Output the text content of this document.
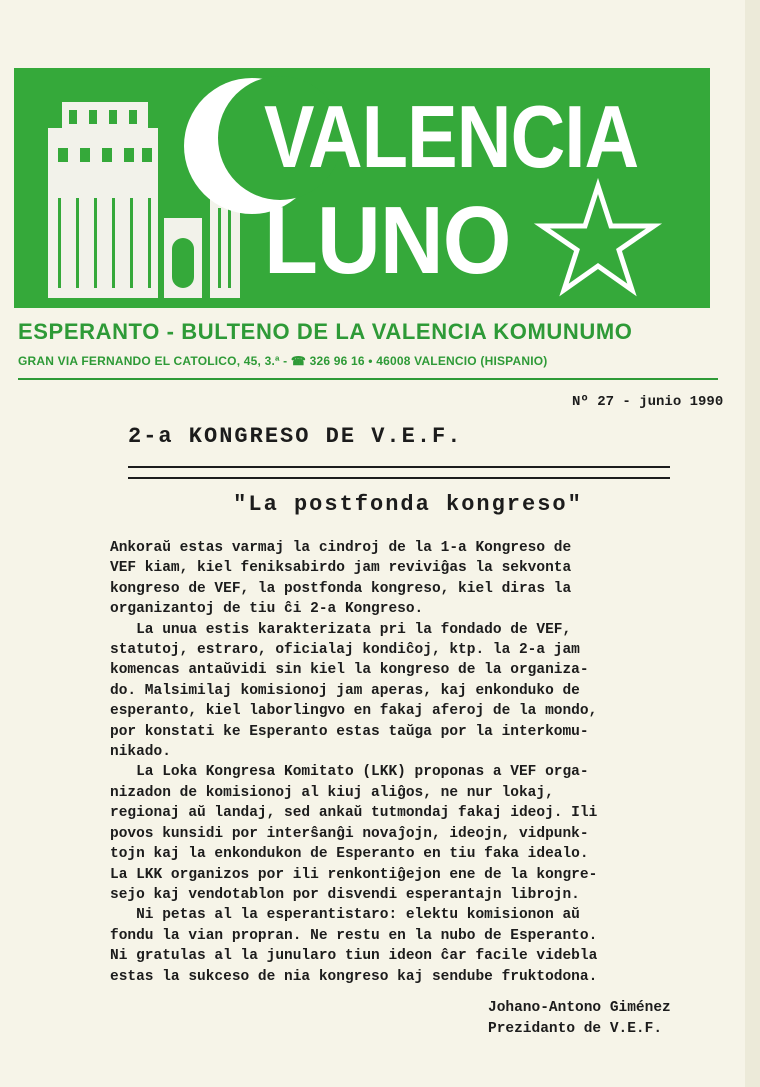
VALENCIA
LUNO
ESPERANTO - BULTENO DE LA VALENCIA KOMUNUMO
GRAN VIA FERNANDO EL CATOLICO, 45, 3.ª - ☎ 326 96 16 • 46008 VALENCIO (HISPANIO)
Nº 27 - junio 1990
2-a KONGRESO DE V.E.F.
"La postfonda kongreso"
Ankoraŭ estas varmaj la cindroj de la 1-a Kongreso de
VEF kiam, kiel feniksabirdo jam reviviĝas la sekvonta
kongreso de VEF, la postfonda kongreso, kiel diras la
organizantoj de tiu ĉi 2-a Kongreso.
La unua estis karakterizata pri la fondado de VEF,
statutoj, estraro, oficialaj kondiĉoj, ktp. la 2-a jam
komencas antaŭvidi sin kiel la kongreso de la organiza-
do. Malsimilaj komisionoj jam aperas, kaj enkonduko de
esperanto, kiel laborlingvo en fakaj aferoj de la mondo,
por konstati ke Esperanto estas taŭga por la interkomu-
nikado.
La Loka Kongresa Komitato (LKK) proponas a VEF orga-
nizadon de komisionoj al kiuj aliĝos, ne nur lokaj,
regionaj aŭ landaj, sed ankaŭ tutmondaj fakaj ideoj. Ili
povos kunsidi por interŝanĝi novaĵojn, ideojn, vidpunk-
tojn kaj la enkondukon de Esperanto en tiu faka idealo.
La LKK organizos por ili renkontiĝejon ene de la kongre-
sejo kaj vendotablon por disvendi esperantajn librojn.
Ni petas al la esperantistaro: elektu komisionon aŭ
fondu la vian propran. Ne restu en la nubo de Esperanto.
Ni gratulas al la junularo tiun ideon ĉar facile videbla
estas la sukceso de nia kongreso kaj sendube fruktodona.
Johano-Antono Giménez
Prezidanto de V.E.F.
